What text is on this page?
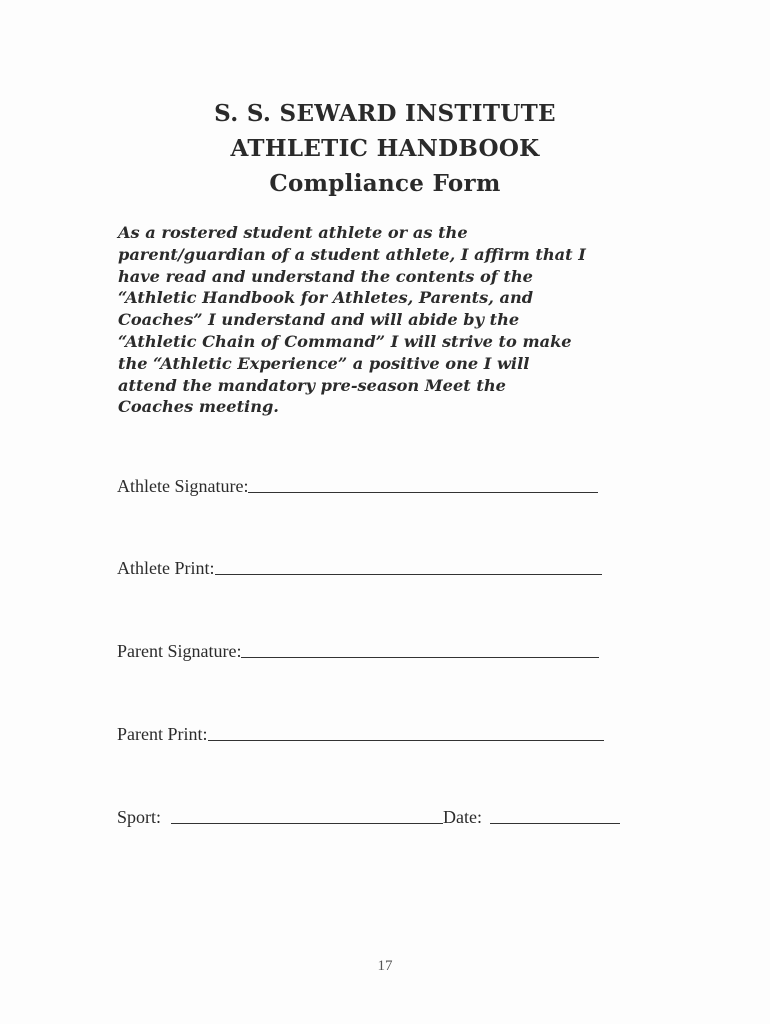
S. S. SEWARD INSTITUTE
ATHLETIC HANDBOOK
Compliance Form
As a rostered student athlete or as the
parent/guardian of a student athlete, I affirm that I
have read and understand the contents of the
“Athletic Handbook for Athletes, Parents, and
Coaches” I understand and will abide by the
“Athletic Chain of Command” I will strive to make
the “Athletic Experience” a positive one I will
attend the mandatory pre-season Meet the
Coaches meeting.
Athlete Signature:
Athlete Print:
Parent Signature:
Parent Print:
Sport:	Date:
17
